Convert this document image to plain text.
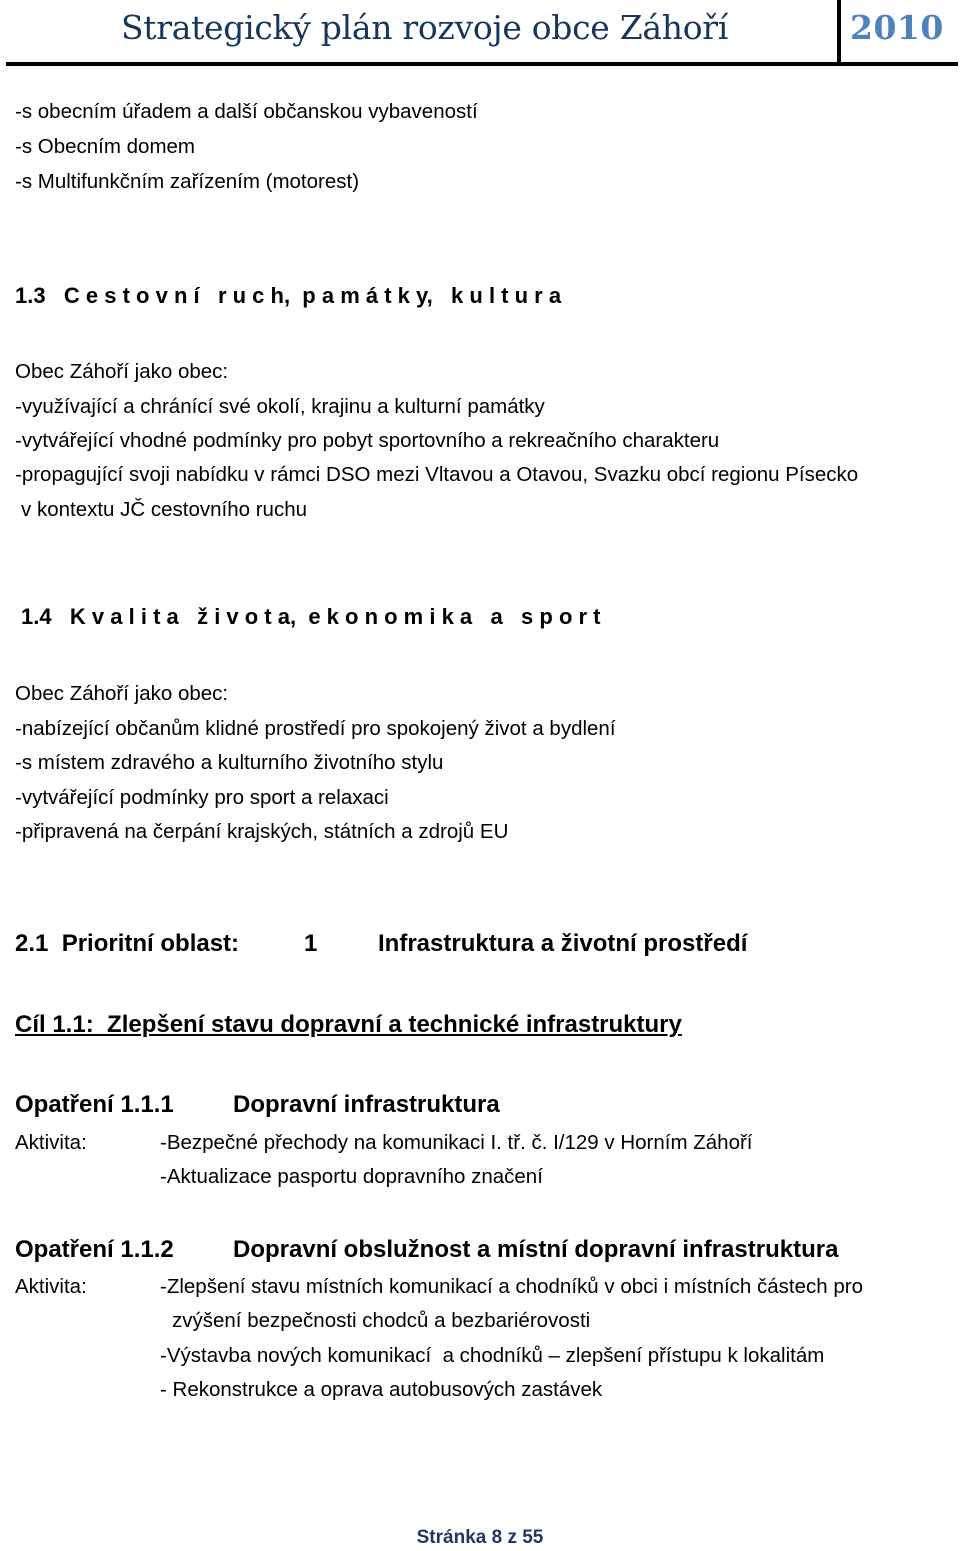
Strategický plán rozvoje obce Záhoří	2010
-s obecním úřadem a další občanskou vybaveností
-s Obecním domem
-s Multifunkčním zařízením (motorest)
1.3   C e s t o v n í   r u c h,  p a m á t k y,   k u l t u r a
Obec Záhoří jako obec:
-využívající a chránící své okolí, krajinu a kulturní památky
-vytvářející vhodné podmínky pro pobyt sportovního a rekreačního charakteru
-propagující svoji nabídku v rámci DSO mezi Vltavou a Otavou, Svazku obcí regionu Písecko
v kontextu JČ cestovního ruchu
1.4   K v a l i t a   ž i v o t a,  e k o n o m i k a   a   s p o r t
Obec Záhoří jako obec:
-nabízející občanům klidné prostředí pro spokojený život a bydlení
-s místem zdravého a kulturního životního stylu
-vytvářející podmínky pro sport a relaxaci
-připravená na čerpání krajských, státních a zdrojů EU
2.1  Prioritní oblast:	1	Infrastruktura a životní prostředí
Cíl 1.1:  Zlepšení stavu dopravní a technické infrastruktury
Opatření 1.1.1 Dopravní infrastruktura
Aktivita:	-Bezpečné přechody na komunikaci I. tř. č. I/129 v Horním Záhoří
-Aktualizace pasportu dopravního značení
Opatření 1.1.2 Dopravní obslužnost a místní dopravní infrastruktura
Aktivita:	-Zlepšení stavu místních komunikací a chodníků v obci i místních částech pro
zvýšení bezpečnosti chodců a bezbariérovosti
-Výstavba nových komunikací  a chodníků – zlepšení přístupu k lokalitám
- Rekonstrukce a oprava autobusových zastávek
Stránka 8 z 55
